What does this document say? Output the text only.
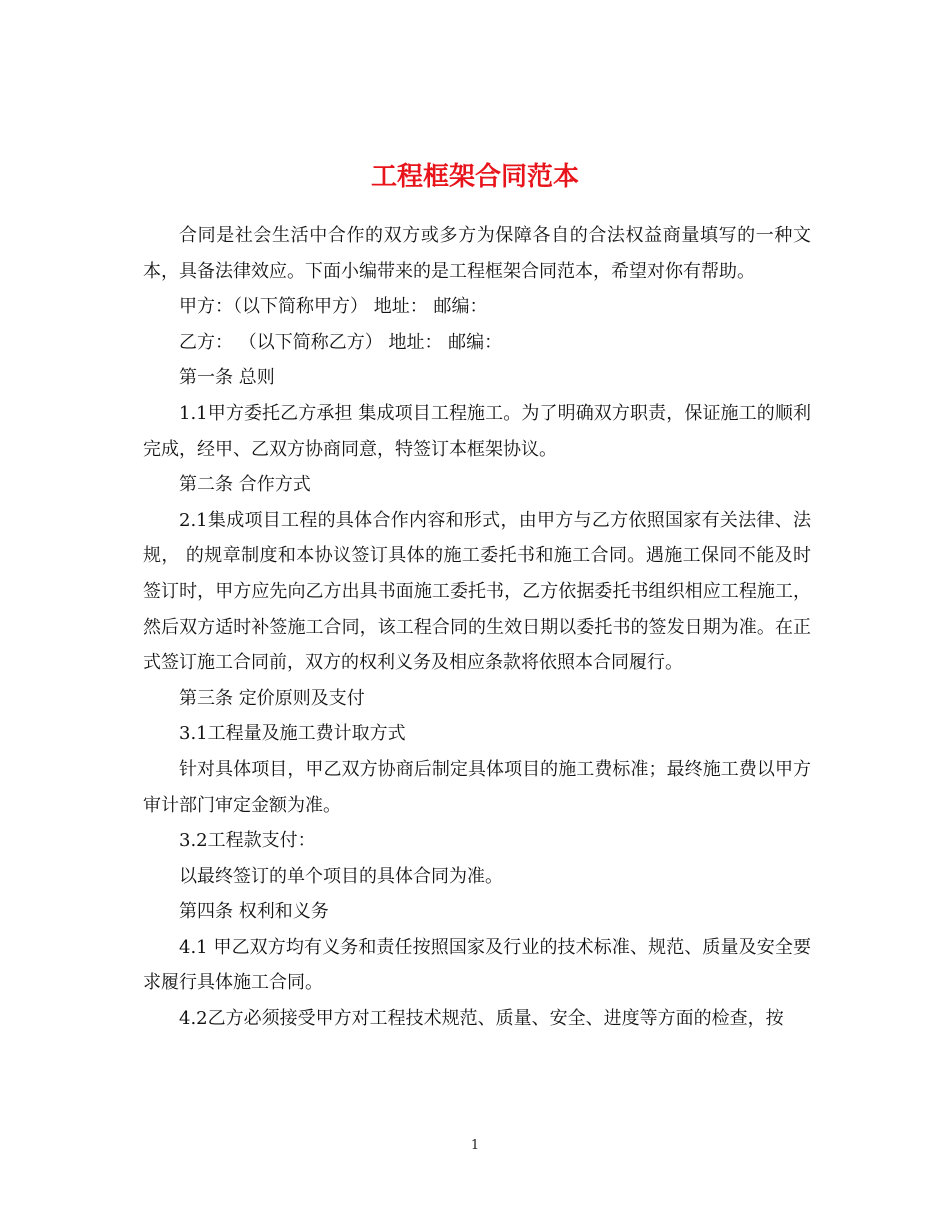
工程框架合同范本

合同是社会生活中合作的双方或多方为保障各自的合法权益商量填写的一种文本，具备法律效应。下面小编带来的是工程框架合同范本，希望对你有帮助。

甲方：（以下简称甲方） 地址： 邮编：

乙方： （以下简称乙方） 地址： 邮编：

第一条 总则

1.1甲方委托乙方承担 集成项目工程施工。为了明确双方职责，保证施工的顺利完成，经甲、乙双方协商同意，特签订本框架协议。

第二条 合作方式

2.1集成项目工程的具体合作内容和形式，由甲方与乙方依照国家有关法律、法规， 的规章制度和本协议签订具体的施工委托书和施工合同。遇施工保同不能及时签订时，甲方应先向乙方出具书面施工委托书，乙方依据委托书组织相应工程施工，然后双方适时补签施工合同，该工程合同的生效日期以委托书的签发日期为准。在正式签订施工合同前，双方的权利义务及相应条款将依照本合同履行。

第三条 定价原则及支付

3.1工程量及施工费计取方式

针对具体项目，甲乙双方协商后制定具体项目的施工费标准；最终施工费以甲方审计部门审定金额为准。

3.2工程款支付：

以最终签订的单个项目的具体合同为准。

第四条 权利和义务

4.1 甲乙双方均有义务和责任按照国家及行业的技术标准、规范、质量及安全要求履行具体施工合同。

4.2乙方必须接受甲方对工程技术规范、质量、安全、进度等方面的检查，按

1
